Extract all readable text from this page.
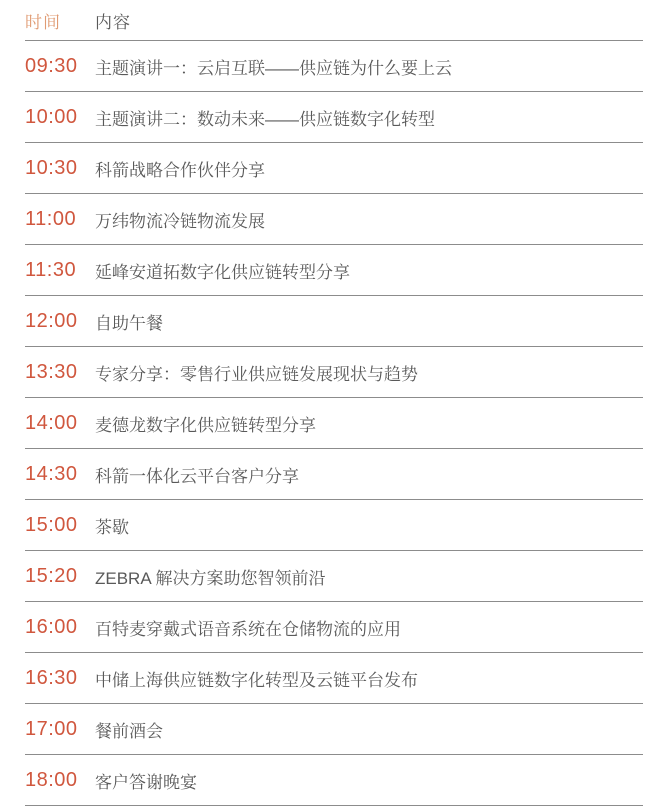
时间	内容
09:30	主题演讲一：云启互联——供应链为什么要上云
10:00	主题演讲二：数动未来——供应链数字化转型
10:30	科箭战略合作伙伴分享
11:00	万纬物流冷链物流发展
11:30	延峰安道拓数字化供应链转型分享
12:00	自助午餐
13:30	专家分享：零售行业供应链发展现状与趋势
14:00	麦德龙数字化供应链转型分享
14:30	科箭一体化云平台客户分享
15:00	茶歇
15:20	ZEBRA 解决方案助您智领前沿
16:00	百特麦穿戴式语音系统在仓储物流的应用
16:30	中储上海供应链数字化转型及云链平台发布
17:00	餐前酒会
18:00	客户答谢晚宴
